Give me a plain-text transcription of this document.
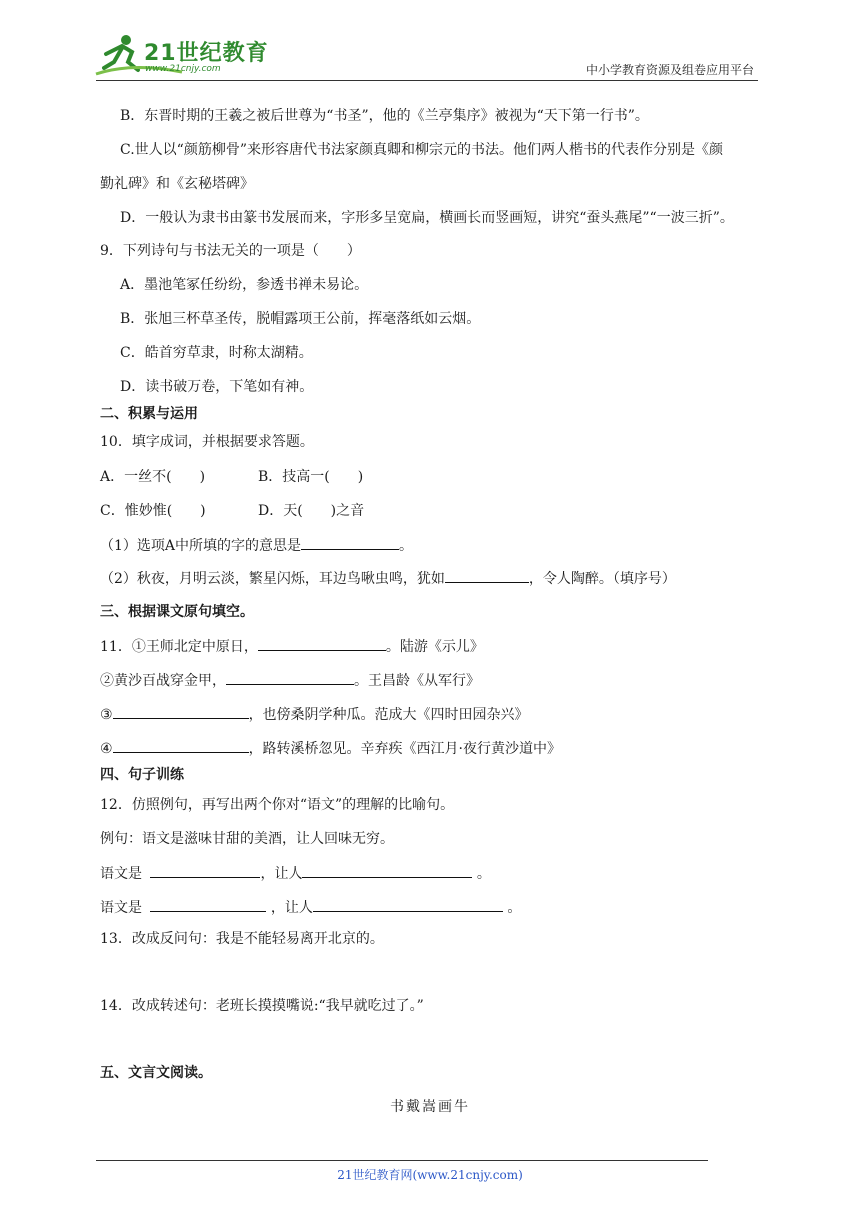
21世纪教育
www.21cnjy.com	中小学教育资源及组卷应用平台
B．东晋时期的王羲之被后世尊为“书圣”，他的《兰亭集序》被视为“天下第一行书”。
C.世人以“颜筋柳骨”来形容唐代书法家颜真卿和柳宗元的书法。他们两人楷书的代表作分别是《颜
勤礼碑》和《玄秘塔碑》
D．一般认为隶书由篆书发展而来，字形多呈宽扁，横画长而竖画短，讲究“蚕头燕尾”“一波三折”。
9．下列诗句与书法无关的一项是（　　）
A．墨池笔冢任纷纷，参透书禅未易论。
B．张旭三杯草圣传，脱帽露项王公前，挥毫落纸如云烟。
C．皓首穷草隶，时称太湖精。
D．读书破万卷，下笔如有神。
二、积累与运用
10．填字成词，并根据要求答题。
A．一丝不(　　)	B．技高一(　　)
C．惟妙惟(　　)	D．天(　　)之音
（1）选项A中所填的字的意思是	。
（2）秋夜，月明云淡，繁星闪烁，耳边鸟啾虫鸣，犹如	，令人陶醉。（填序号）
三、根据课文原句填空。
11．①王师北定中原日，	。陆游《示儿》
②黄沙百战穿金甲，	。王昌龄《从军行》
③	，也傍桑阴学种瓜。范成大《四时田园杂兴》
④	，路转溪桥忽见。辛弃疾《西江月·夜行黄沙道中》
四、句子训练
12．仿照例句，再写出两个你对“语文”的理解的比喻句。
例句：语文是滋味甘甜的美酒，让人回味无穷。
语文是	，让人	。
语文是	，让人	。
13．改成反问句：我是不能轻易离开北京的。
14．改成转述句：老班长摸摸嘴说:“我早就吃过了。”
五、文言文阅读。
书戴嵩画牛
21世纪教育网(www.21cnjy.com)
